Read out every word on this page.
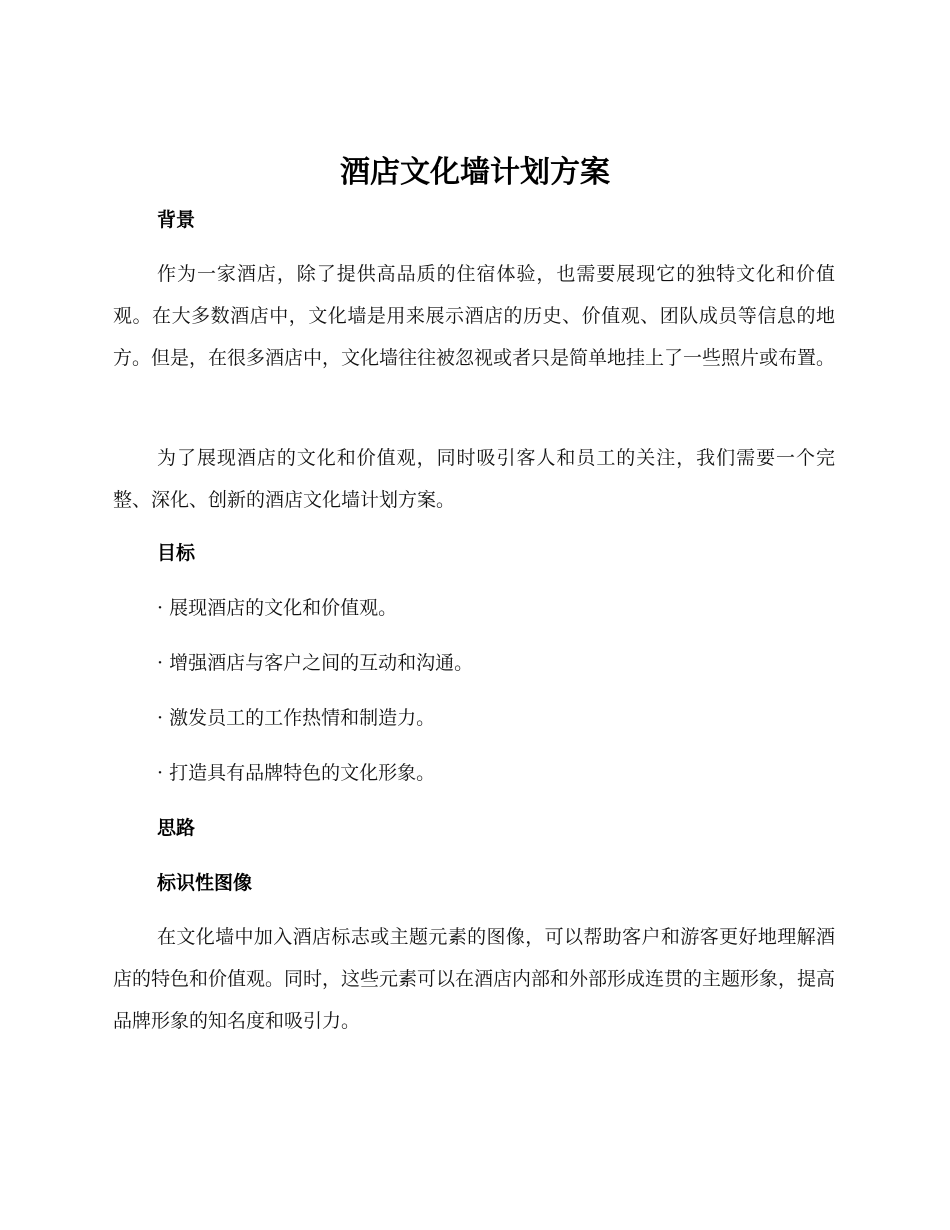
酒店文化墙计划方案
背景
作为一家酒店，除了提供高品质的住宿体验，也需要展现它的独特文化和价值观。在大多数酒店中，文化墙是用来展示酒店的历史、价值观、团队成员等信息的地方。但是，在很多酒店中，文化墙往往被忽视或者只是简单地挂上了一些照片或布置。
为了展现酒店的文化和价值观，同时吸引客人和员工的关注，我们需要一个完整、深化、创新的酒店文化墙计划方案。
目标
· 展现酒店的文化和价值观。
· 增强酒店与客户之间的互动和沟通。
· 激发员工的工作热情和制造力。
· 打造具有品牌特色的文化形象。
思路
标识性图像
在文化墙中加入酒店标志或主题元素的图像，可以帮助客户和游客更好地理解酒店的特色和价值观。同时，这些元素可以在酒店内部和外部形成连贯的主题形象，提高品牌形象的知名度和吸引力。
